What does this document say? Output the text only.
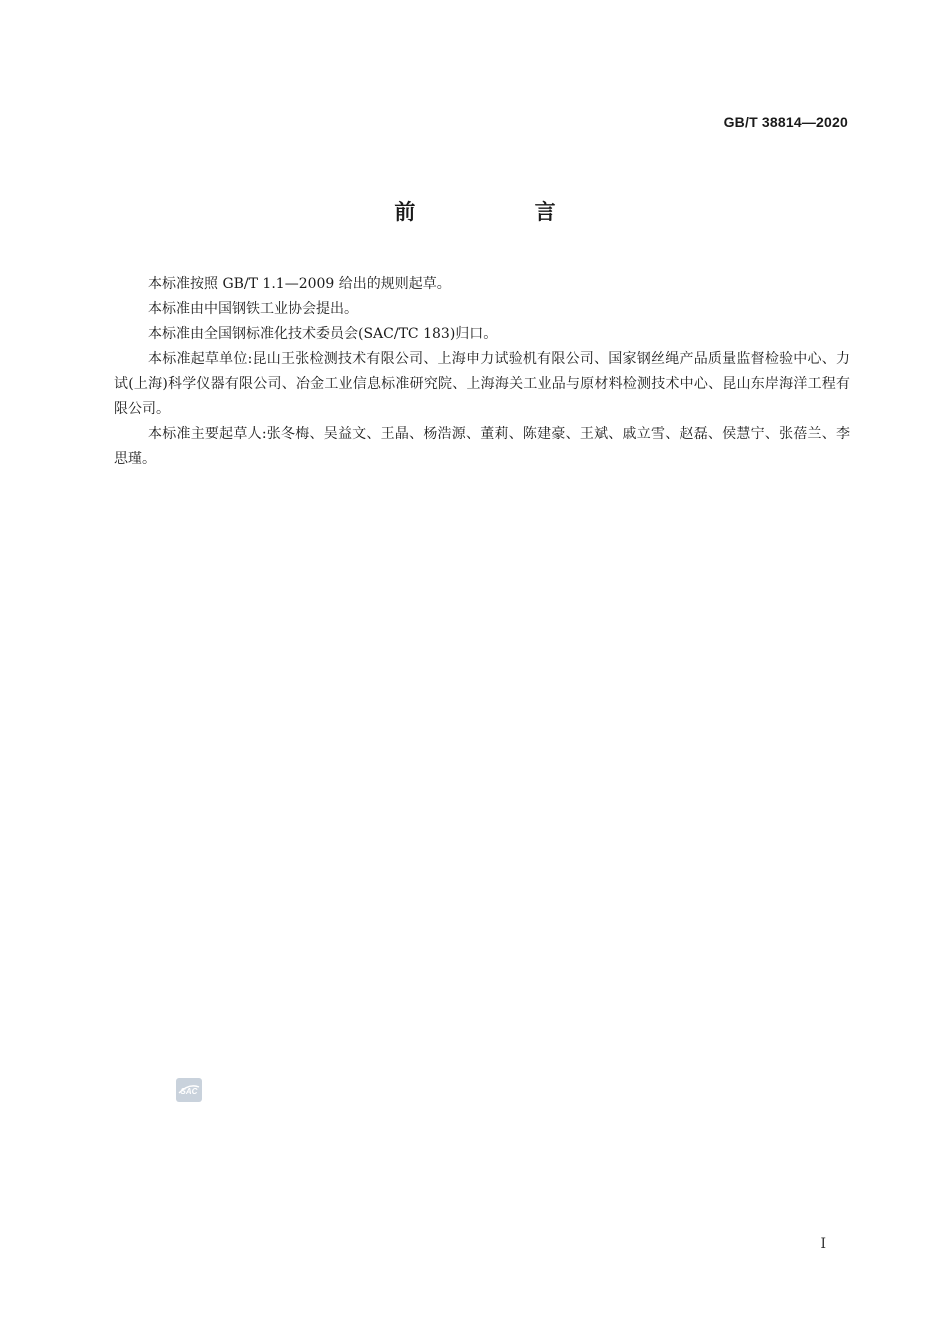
GB/T 38814—2020
前 言

本标准按照 GB/T 1.1—2009 给出的规则起草。

本标准由中国钢铁工业协会提出。

本标准由全国钢标准化技术委员会(SAC/TC 183)归口。

本标准起草单位:昆山王张检测技术有限公司、上海申力试验机有限公司、国家钢丝绳产品质量监督检验中心、力试(上海)科学仪器有限公司、冶金工业信息标准研究院、上海海关工业品与原材料检测技术中心、昆山东岸海洋工程有限公司。

本标准主要起草人:张冬梅、吴益文、王晶、杨浩源、董莉、陈建豪、王斌、戚立雪、赵磊、侯慧宁、张蓓兰、李思瑾。

SAC
I
